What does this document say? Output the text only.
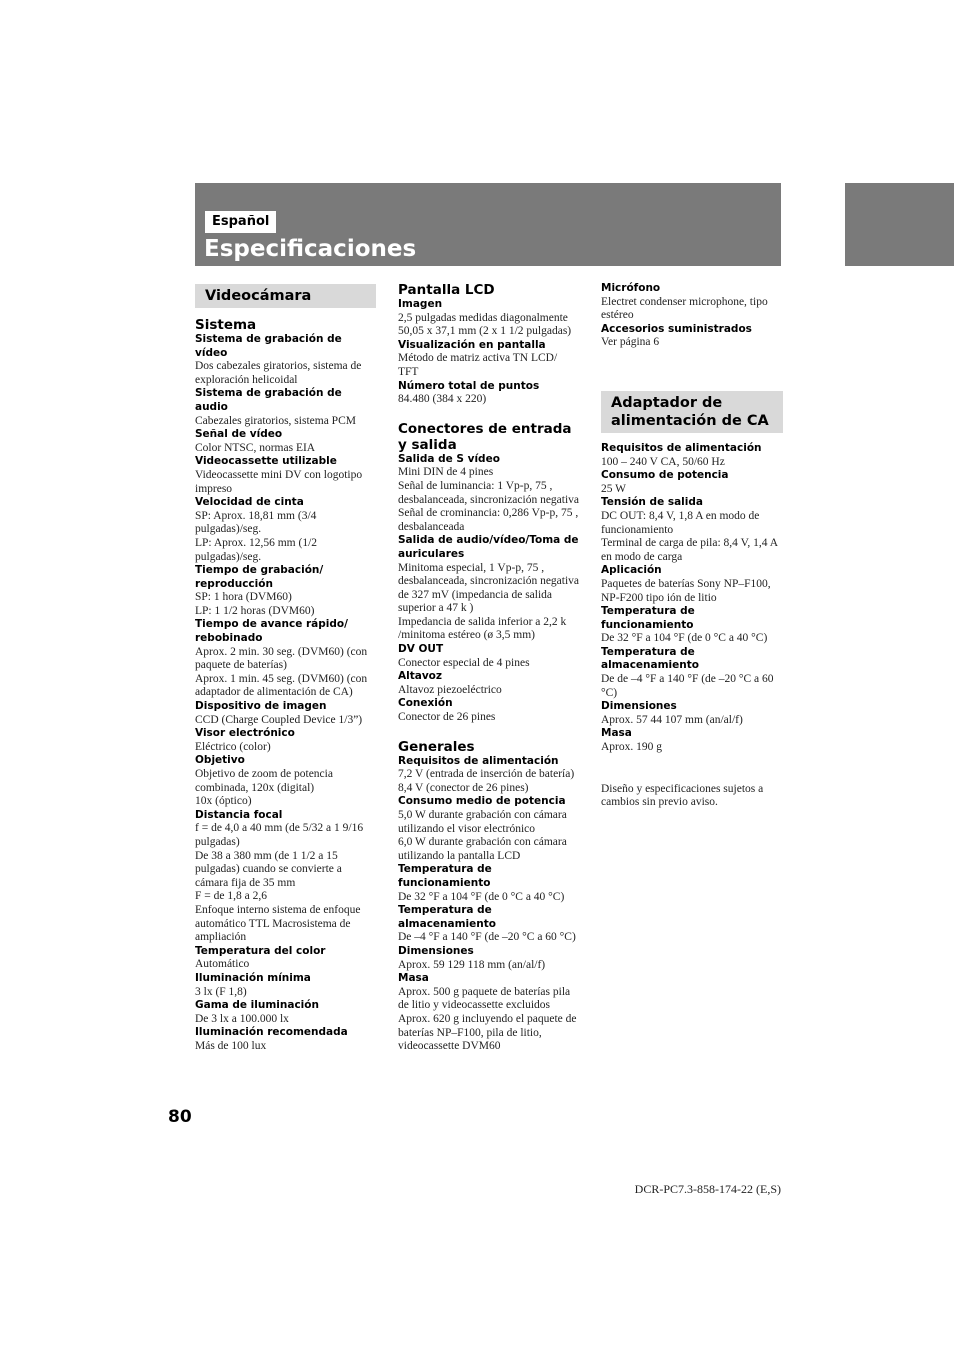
Español
Especificaciones
Videocámara
Sistema
Sistema de grabación de vídeo
Dos cabezales giratorios, sistema de exploración helicoidal
Sistema de grabación de audio
Cabezales giratorios, sistema PCM
Señal de vídeo
Color NTSC, normas EIA
Videocassette utilizable
Videocassette mini DV con logotipo impreso
Velocidad de cinta
SP: Aprox. 18,81 mm (3/4 pulgadas)/seg.
LP: Aprox. 12,56 mm (1/2 pulgadas)/seg.
Tiempo de grabación/ reproducción
SP: 1 hora (DVM60)
LP: 1 1/2 horas (DVM60)
Tiempo de avance rápido/ rebobinado
Aprox. 2 min. 30 seg. (DVM60) (con paquete de baterías)
Aprox. 1 min. 45 seg. (DVM60) (con adaptador de alimentación de CA)
Dispositivo de imagen
CCD (Charge Coupled Device 1/3”)
Visor electrónico
Eléctrico (color)
Objetivo
Objetivo de zoom de potencia combinada, 120x (digital)
10x (óptico)
Distancia focal
f = de 4,0 a 40 mm (de 5/32 a 1 9/16 pulgadas)
De 38 a 380 mm (de 1 1/2 a 15 pulgadas) cuando se convierte a cámara fija de 35 mm
F = de 1,8 a 2,6
Enfoque interno sistema de enfoque automático TTL Macrosistema de ampliación
Temperatura del color
Automático
Iluminación mínima
3 lx (F 1,8)
Gama de iluminación
De 3 lx a 100.000 lx
Iluminación recomendada
Más de 100 lux
Pantalla LCD
Imagen
2,5 pulgadas medidas diagonalmente
50,05 x 37,1 mm (2 x 1 1/2 pulgadas)
Visualización en pantalla
Método de matriz activa TN LCD/ TFT
Número total de puntos
84.480 (384 x 220)
Conectores de entrada y salida
Salida de S vídeo
Mini DIN de 4 pines
Señal de luminancia: 1 Vp-p, 75 , desbalanceada, sincronización negativa
Señal de crominancia: 0,286 Vp-p, 75 , desbalanceada
Salida de audio/vídeo/Toma de auriculares
Minitoma especial, 1 Vp-p, 75 , desbalanceada, sincronización negativa de 327 mV (impedancia de salida superior a 47 k )
Impedancia de salida inferior a 2,2 k /minitoma estéreo (ø 3,5 mm)
DV OUT
Conector especial de 4 pines
Altavoz
Altavoz piezoeléctrico
Conexión
Conector de 26 pines
Generales
Requisitos de alimentación
7,2 V (entrada de inserción de batería)
8,4 V (conector de 26 pines)
Consumo medio de potencia
5,0 W durante grabación con cámara utilizando el visor electrónico
6,0 W durante grabación con cámara utilizando la pantalla LCD
Temperatura de funcionamiento
De 32 °F a 104 °F (de 0 °C a 40 °C)
Temperatura de almacenamiento
De –4 °F a 140 °F (de –20 °C a 60 °C)
Dimensiones
Aprox. 59 129 118 mm (an/al/f)
Masa
Aprox. 500 g paquete de baterías pila de litio y videocassette excluidos
Aprox. 620 g incluyendo el paquete de baterías NP–F100, pila de litio, videocassette DVM60
Micrófono
Electret condenser microphone, tipo estéreo
Accesorios suministrados
Ver página 6
Adaptador de
alimentación de CA
Requisitos de alimentación
100 – 240 V CA, 50/60 Hz
Consumo de potencia
25 W
Tensión de salida
DC OUT: 8,4 V, 1,8 A en modo de funcionamiento
Terminal de carga de pila: 8,4 V, 1,4 A en modo de carga
Aplicación
Paquetes de baterías Sony NP–F100, NP-F200 tipo ión de litio
Temperatura de funcionamiento
De 32 °F a 104 °F (de 0 °C a 40 °C)
Temperatura de almacenamiento
De de –4 °F a 140 °F (de –20 °C a 60 °C)
Dimensiones
Aprox. 57 44 107 mm (an/al/f)
Masa
Aprox. 190 g
Diseño y especificaciones sujetos a cambios sin previo aviso.
80
DCR-PC7.3-858-174-22 (E,S)
